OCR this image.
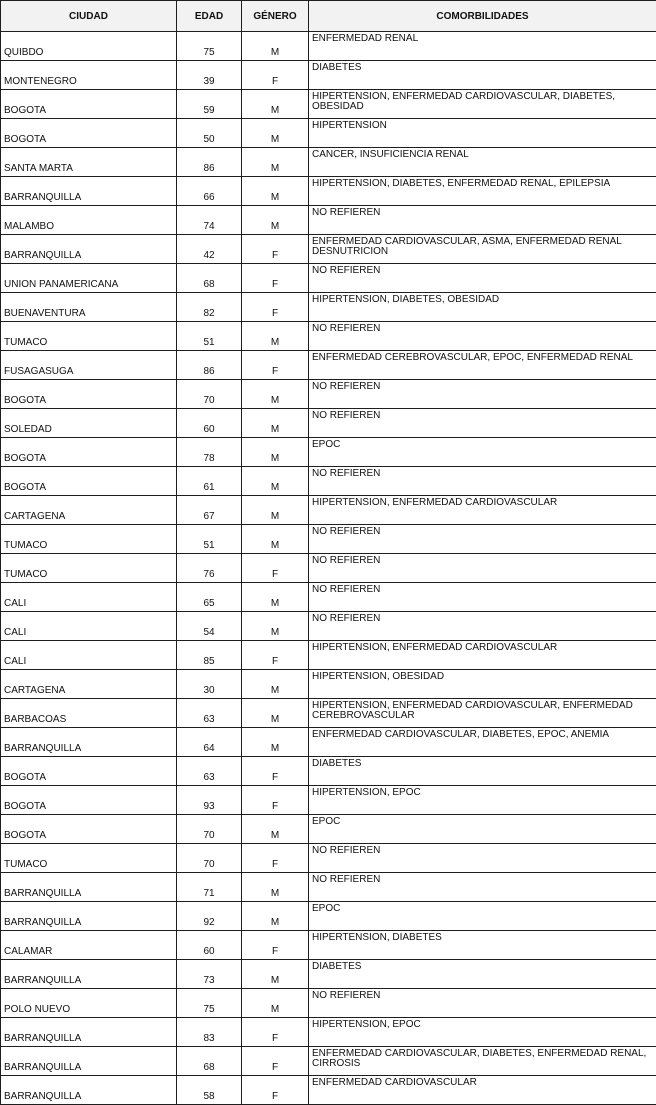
CIUDAD	EDAD	GÉNERO	COMORBILIDADES
QUIBDO	75	M	ENFERMEDAD RENAL

MONTENEGRO	39	F	DIABETES

BOGOTA	59	M	HIPERTENSION, ENFERMEDAD CARDIOVASCULAR, DIABETES, OBESIDAD

BOGOTA	50	M	HIPERTENSION

SANTA MARTA	86	M	CANCER, INSUFICIENCIA RENAL

BARRANQUILLA	66	M	HIPERTENSION, DIABETES, ENFERMEDAD RENAL, EPILEPSIA

MALAMBO	74	M	NO REFIEREN

BARRANQUILLA	42	F	ENFERMEDAD CARDIOVASCULAR, ASMA, ENFERMEDAD RENAL DESNUTRICION

UNION PANAMERICANA	68	F	NO REFIEREN

BUENAVENTURA	82	F	HIPERTENSION, DIABETES, OBESIDAD

TUMACO	51	M	NO REFIEREN

FUSAGASUGA	86	F	ENFERMEDAD CEREBROVASCULAR, EPOC, ENFERMEDAD RENAL

BOGOTA	70	M	NO REFIEREN

SOLEDAD	60	M	NO REFIEREN

BOGOTA	78	M	EPOC

BOGOTA	61	M	NO REFIEREN

CARTAGENA	67	M	HIPERTENSION, ENFERMEDAD CARDIOVASCULAR

TUMACO	51	M	NO REFIEREN

TUMACO	76	F	NO REFIEREN

CALI	65	M	NO REFIEREN

CALI	54	M	NO REFIEREN

CALI	85	F	HIPERTENSION, ENFERMEDAD CARDIOVASCULAR

CARTAGENA	30	M	HIPERTENSION, OBESIDAD

BARBACOAS	63	M	HIPERTENSION, ENFERMEDAD CARDIOVASCULAR, ENFERMEDAD CEREBROVASCULAR

BARRANQUILLA	64	M	ENFERMEDAD CARDIOVASCULAR, DIABETES, EPOC, ANEMIA

BOGOTA	63	F	DIABETES

BOGOTA	93	F	HIPERTENSION, EPOC

BOGOTA	70	M	EPOC

TUMACO	70	F	NO REFIEREN

BARRANQUILLA	71	M	NO REFIEREN

BARRANQUILLA	92	M	EPOC

CALAMAR	60	F	HIPERTENSION, DIABETES

BARRANQUILLA	73	M	DIABETES

POLO NUEVO	75	M	NO REFIEREN

BARRANQUILLA	83	F	HIPERTENSION, EPOC

BARRANQUILLA	68	F	ENFERMEDAD CARDIOVASCULAR, DIABETES, ENFERMEDAD RENAL, CIRROSIS

BARRANQUILLA	58	F	ENFERMEDAD CARDIOVASCULAR
